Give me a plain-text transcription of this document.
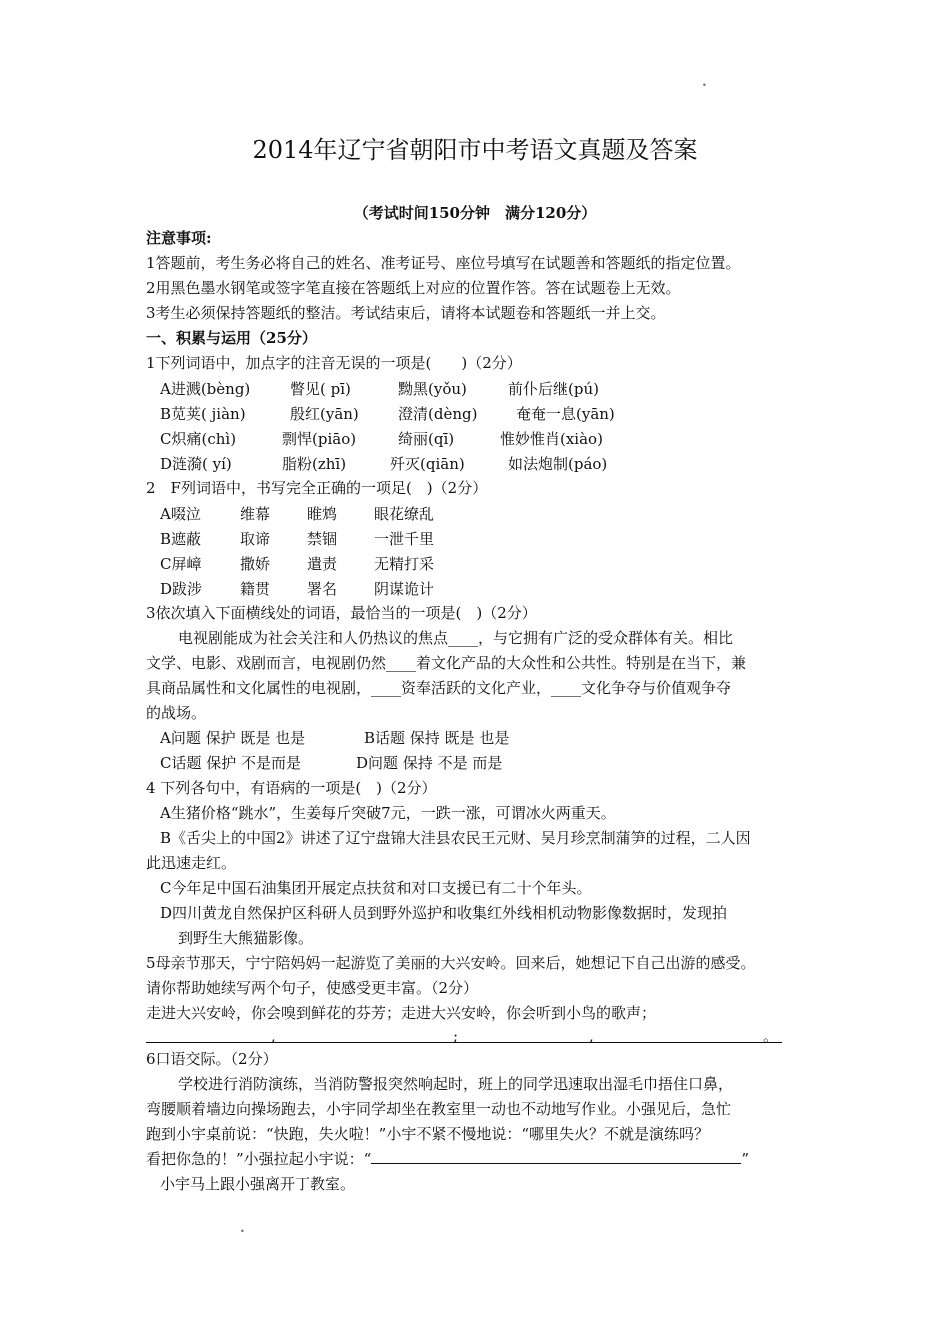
•
•
2014年辽宁省朝阳市中考语文真题及答案
（考试时间150分钟　满分120分）
注意事项:
1答题前，考生务必将自己的姓名、准考证号、座位号填写在试题善和答题纸的指定位置。
2用黑色墨水钢笔或签字笔直接在答题纸上对应的位置作答。答在试题卷上无效。
3考生必须保持答题纸的整洁。考试结束后，请将本试题卷和答题纸一并上交。
一、积累与运用（25分）
1下列词语中，加点字的注音无误的一项是(　　)（2分）
A进溅(bèng)	瞥见( pī)	黝黑(yǒu)	前仆后继(pú)
B苋荚( jiàn)	殷红(yān)	澄清(dèng)	奄奄一息(yān)
C炽痛(chì)	剽悍(piāo)	绮丽(qī)	惟妙惟肖(xiào)
D涟漪( yí)	脂粉(zhī)	歼灭(qiān)	如法炮制(páo)
2　F列词语中，书写完全正确的一项足(　)（2分）
A啜泣	维幕 睢鸩 眼花缭乱
B遮蔽	取谛 禁锢 一泄千里
C屏嶂	撒娇 遣责 无精打采
D跋涉	籍贯 署名 阴谋诡计
3依次填入下面横线处的词语，最恰当的一项是(　)（2分）
电视剧能成为社会关注和人仍热议的焦点____，与它拥有广泛的受众群体有关。相比
文学、电影、戏剧而言，电视剧仍然____着文化产品的大众性和公共性。特别是在当下，兼
具商品属性和文化属性的电视剧，____资奉活跃的文化产业，____文化争夺与价值观争夺
的战场。
A问题 保护 既是 也是	B话题 保持 既是 也是
C话题 保护 不是而是	D问题 保持 不是 而是
4 下列各句中，有语病的一项是(　)（2分）
A生猪价格“跳水”，生姜每斤突破7元，一跌一涨，可谓冰火两重天。
B《舌尖上的中国2》讲述了辽宁盘锦大洼县农民王元财、吴月珍烹制蒲笋的过程，二人因
此迅速走红。
C今年足中国石油集团开展定点扶贫和对口支援已有二十个年头。
D四川黄龙自然保护区科研人员到野外巡护和收集红外线相机动物影像数据时，发现拍
到野生大熊猫影像。
5母亲节那天，宁宁陪妈妈一起游览了美丽的大兴安岭。回来后，她想记下自己出游的感受。
请你帮助她续写两个句子，使感受更丰富。（2分）
走进大兴安岭，你会嗅到鲜花的芬芳；走进大兴安岭，你会听到小鸟的歌声；
,	;	,	。
6口语交际。（2分）
学校进行消防演练，当消防警报突然响起时，班上的同学迅速取出湿毛巾捂住口鼻，
弯腰顺着墙边向操场跑去，小宇同学却坐在教室里一动也不动地写作业。小强见后，急忙
跑到小宇桌前说：“快跑，失火啦！”小宇不紧不慢地说：“哪里失火？不就是演练吗？
看把你急的！”小强拉起小宇说：“	”
小宇马上跟小强离开丁教室。
